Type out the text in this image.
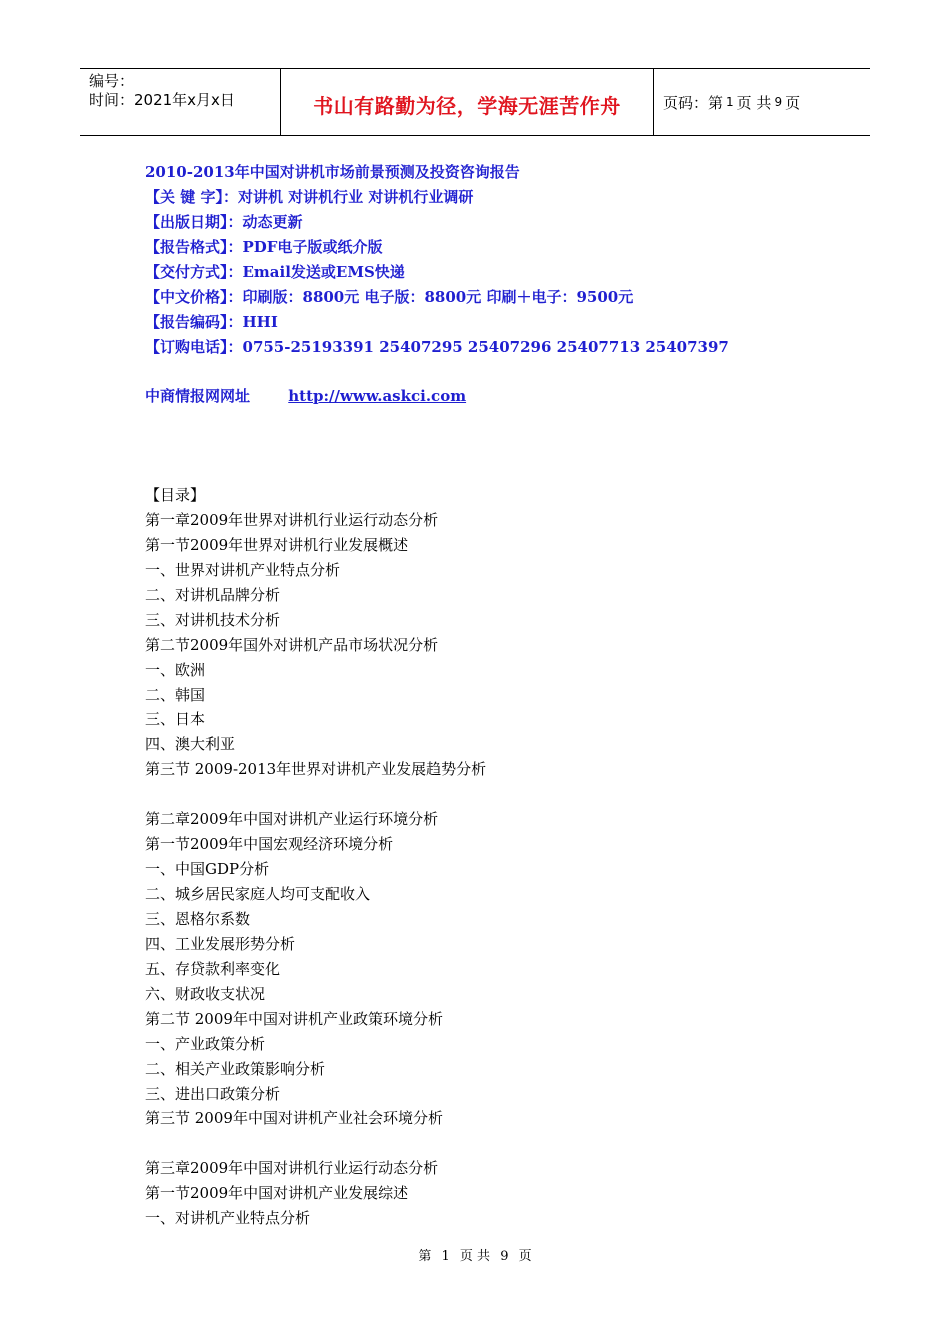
编号：
时间：2021年x月x日	书山有路勤为径，学海无涯苦作舟	页码：第 1 页 共 9 页
2010-2013年中国对讲机市场前景预测及投资咨询报告
【关 键 字】：对讲机 对讲机行业 对讲机行业调研
【出版日期】：动态更新
【报告格式】：PDF电子版或纸介版
【交付方式】：Email发送或EMS快递
【中文价格】：印刷版：8800元 电子版：8800元 印刷＋电子：9500元
【报告编码】：HHI
【订购电话】：0755-25193391 25407295 25407296 25407713 25407397
中商情报网网址	http://www.askci.com
【目录】
第一章2009年世界对讲机行业运行动态分析
第一节2009年世界对讲机行业发展概述
一、世界对讲机产业特点分析
二、对讲机品牌分析
三、对讲机技术分析
第二节2009年国外对讲机产品市场状况分析
一、欧洲
二、韩国
三、日本
四、澳大利亚
第三节 2009-2013年世界对讲机产业发展趋势分析
第二章2009年中国对讲机产业运行环境分析
第一节2009年中国宏观经济环境分析
一、中国GDP分析
二、城乡居民家庭人均可支配收入
三、恩格尔系数
四、工业发展形势分析
五、存贷款利率变化
六、财政收支状况
第二节 2009年中国对讲机产业政策环境分析
一、产业政策分析
二、相关产业政策影响分析
三、进出口政策分析
第三节 2009年中国对讲机产业社会环境分析
第三章2009年中国对讲机行业运行动态分析
第一节2009年中国对讲机产业发展综述
一、对讲机产业特点分析
第 1 页 共 9 页
